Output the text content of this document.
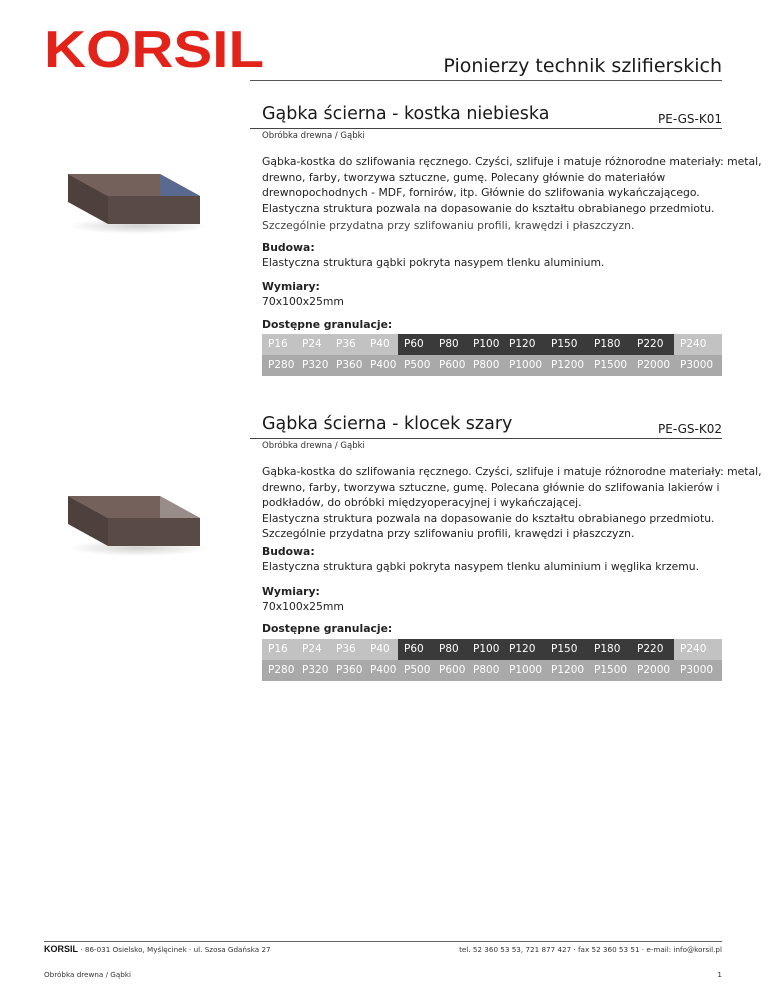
KORSIL	Pionierzy technik szlifierskich
Gąbka ścierna - kostka niebieska	PE-GS-K01
Obróbka drewna / Gąbki
Gąbka-kostka do szlifowania ręcznego. Czyści, szlifuje i matuje różnorodne materiały: metal,
drewno, farby, tworzywa sztuczne, gumę. Polecany głównie do materiałów
drewnopochodnych - MDF, fornirów, itp. Głównie do szlifowania wykańczającego.
Elastyczna struktura pozwala na dopasowanie do kształtu obrabianego przedmiotu.
Szczególnie przydatna przy szlifowaniu profili, krawędzi i płaszczyzn.
Budowa:
Elastyczna struktura gąbki pokryta nasypem tlenku aluminium.
Wymiary:
70x100x25mm
Dostępne granulacje:
P16	P24	P36	P40	P60	P80	P100 P120	P150	P180	P220	P240
P280 P320 P360 P400 P500 P600 P800 P1000 P1200 P1500 P2000 P3000
Gąbka ścierna - klocek szary	PE-GS-K02
Obróbka drewna / Gąbki
Gąbka-kostka do szlifowania ręcznego. Czyści, szlifuje i matuje różnorodne materiały: metal,
drewno, farby, tworzywa sztuczne, gumę. Polecana głównie do szlifowania lakierów i
podkładów, do obróbki międzyoperacyjnej i wykańczającej.
Elastyczna struktura pozwala na dopasowanie do kształtu obrabianego przedmiotu.
Szczególnie przydatna przy szlifowaniu profili, krawędzi i płaszczyzn.
Budowa:
Elastyczna struktura gąbki pokryta nasypem tlenku aluminium i węglika krzemu.
Wymiary:
70x100x25mm
Dostępne granulacje:
P16	P24	P36	P40	P60	P80	P100 P120	P150	P180	P220	P240
P280 P320 P360 P400 P500 P600 P800 P1000 P1200 P1500 P2000 P3000
KORSIL · 86-031 Osielsko, Myślęcinek · ul. Szosa Gdańska 27	tel. 52 360 53 53, 721 877 427 · fax 52 360 53 51 · e-mail: info@korsil.pl
Obróbka drewna / Gąbki	1
